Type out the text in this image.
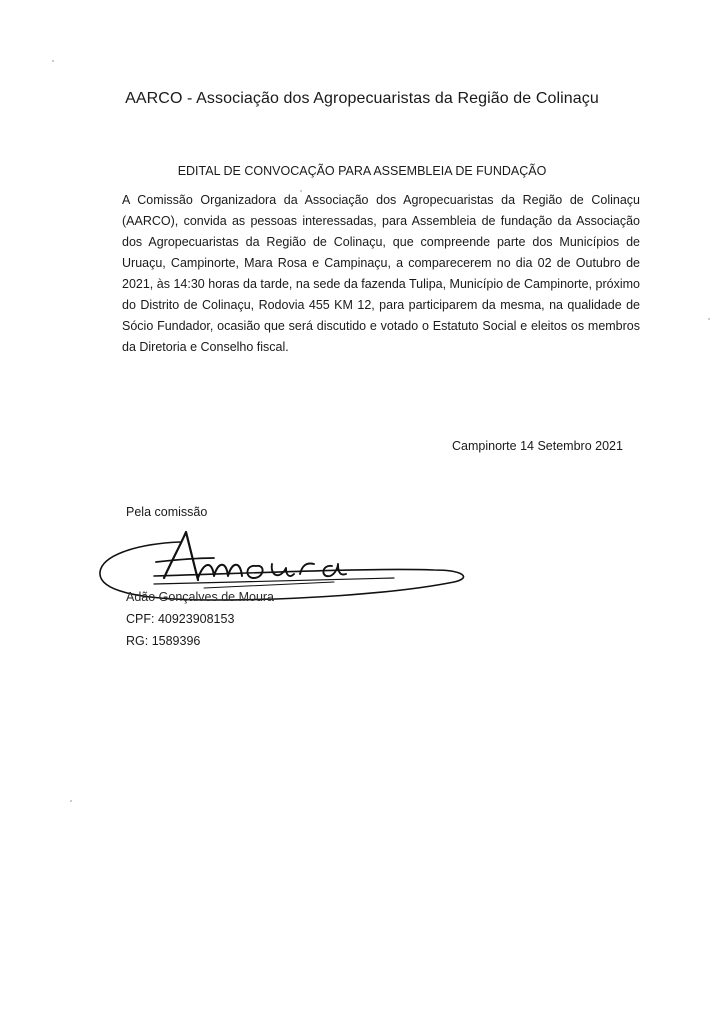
AARCO - Associação dos Agropecuaristas da Região de Colinaçu
EDITAL DE CONVOCAÇÃO PARA ASSEMBLEIA DE FUNDAÇÃO
A Comissão Organizadora da Associação dos Agropecuaristas da Região de Colinaçu (AARCO), convida as pessoas interessadas, para Assembleia de fundação da Associação dos Agropecuaristas da Região de Colinaçu, que compreende parte dos Municípios de Uruaçu, Campinorte, Mara Rosa e Campinaçu, a comparecerem no dia 02 de Outubro de 2021, às 14:30 horas da tarde, na sede da fazenda Tulipa, Município de Campinorte, próximo do Distrito de Colinaçu, Rodovia 455 KM 12, para participarem da mesma, na qualidade de Sócio Fundador, ocasião que será discutido e votado o Estatuto Social e eleitos os membros da Diretoria e Conselho fiscal.
Campinorte 14 Setembro 2021
Pela comissão
Adão Gonçalves de Moura
CPF: 40923908153
RG: 1589396
